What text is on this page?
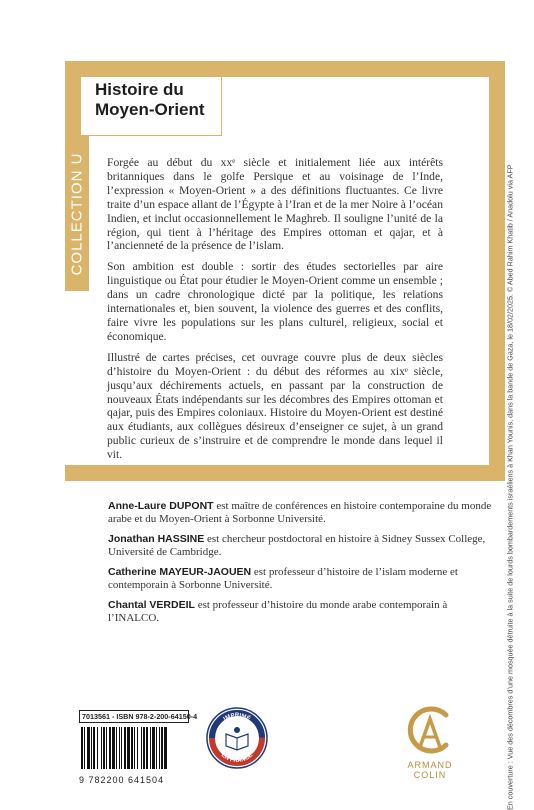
COLLECTION U
Histoire du
Moyen-Orient

Forgée au début du xxᵉ siècle et initialement liée aux intérêts britanniques dans le golfe Persique et au voisinage de l’Inde, l’expression « Moyen-Orient » a des définitions fluctuantes. Ce livre traite d’un espace allant de l’Égypte à l’Iran et de la mer Noire à l’océan Indien, et inclut occasionnellement le Maghreb. Il souligne l’unité de la région, qui tient à l’héritage des Empires ottoman et qajar, et à l’ancienneté de la présence de l’islam.

Son ambition est double : sortir des études sectorielles par aire linguistique ou État pour étudier le Moyen-Orient comme un ensemble ; dans un cadre chronologique dicté par la politique, les relations internationales et, bien souvent, la violence des guerres et des conflits, faire vivre les populations sur les plans culturel, religieux, social et économique.

Illustré de cartes précises, cet ouvrage couvre plus de deux siècles d’histoire du Moyen-Orient : du début des réformes au xixᵉ siècle, jusqu’aux déchirements actuels, en passant par la construction de nouveaux États indépendants sur les décombres des Empires ottoman et qajar, puis des Empires coloniaux. Histoire du Moyen-Orient est destiné aux étudiants, aux collègues désireux d’enseigner ce sujet, à un grand public curieux de s’instruire et de comprendre le monde dans lequel il vit.

Anne-Laure DUPONT est maître de conférences en histoire contemporaine du monde arabe et du Moyen-Orient à Sorbonne Université.
Jonathan HASSINE est chercheur postdoctoral en histoire à Sidney Sussex College, Université de Cambridge.
Catherine MAYEUR-JAOUEN est professeur d’histoire de l’islam moderne et contemporain à Sorbonne Université.
Chantal VERDEIL est professeur d’histoire du monde arabe contemporain à l’INALCO.
7013561 - ISBN 978-2-200-64150-4
9 782200 641504
IMPRIMÉ
EN FRANCE
ARMAND COLIN	En couverture : Vue des décombres d’une mosquée détruite à la suite de lourds bombardements israéliens à Khan Younis, dans la bande de Gaza, le 18/02/2025. © Abed Rahim Khatib / Anadolu via AFP
